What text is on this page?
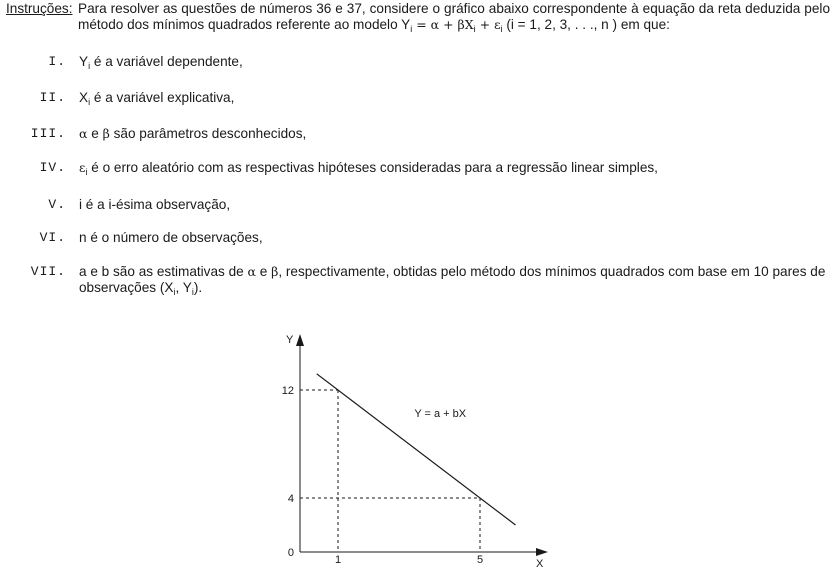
Instruções: Para resolver as questões de números 36 e 37, considere o gráfico abaixo correspondente à equação da reta deduzida pelo método dos mínimos quadrados referente ao modelo $Y_i = \alpha + \beta X_i + \varepsilon_i$ (i = 1, 2, 3, . . ., n ) em que:
I. $Y_i$ é a variável dependente,
II. $X_i$ é a variável explicativa,
III. α e β são parâmetros desconhecidos,
IV. $\varepsilon_i$ é o erro aleatório com as respectivas hipóteses consideradas para a regressão linear simples,
V. i é a i-ésima observação,
VI. n é o número de observações,
VII. a e b são as estimativas de α e β, respectivamente, obtidas pelo método dos mínimos quadrados com base em 10 pares de observações ($X_i$, $Y_i$).
Y
X
Y = a + bX
1	5
0
4
12
